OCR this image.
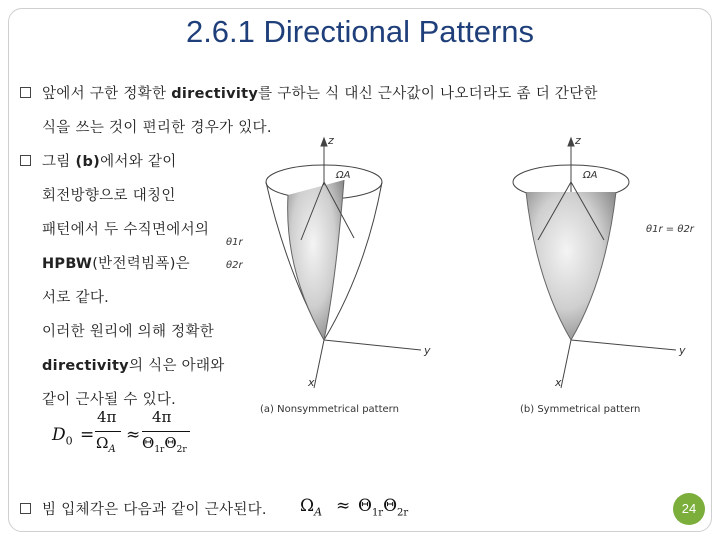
2.6.1 Directional Patterns
앞에서 구한 정확한 directivity를 구하는 식 대신 근사값이 나오더라도 좀 더 간단한
식을 쓰는 것이 편리한 경우가 있다.
그림 (b)에서와 같이
회전방향으로 대칭인
패턴에서 두 수직면에서의
HPBW(반전력빔폭)은
서로 같다.
이러한 원리에 의해 정확한
directivity의 식은 아래와
같이 근사될 수 있다.
$D_0$ =
4π
$\Omega_A$
≈
4π
$\Theta_{1r}\Theta_{2r}$
z
ΩA
θ1r
θ2r
y
x
(a) Nonsymmetrical pattern
z
ΩA
θ1r = θ2r
y
x
(b) Symmetrical pattern
빔 입체각은 다음과 같이 근사된다. $\Omega_A \approx \Theta_{1r}\Theta_{2r}$	24
